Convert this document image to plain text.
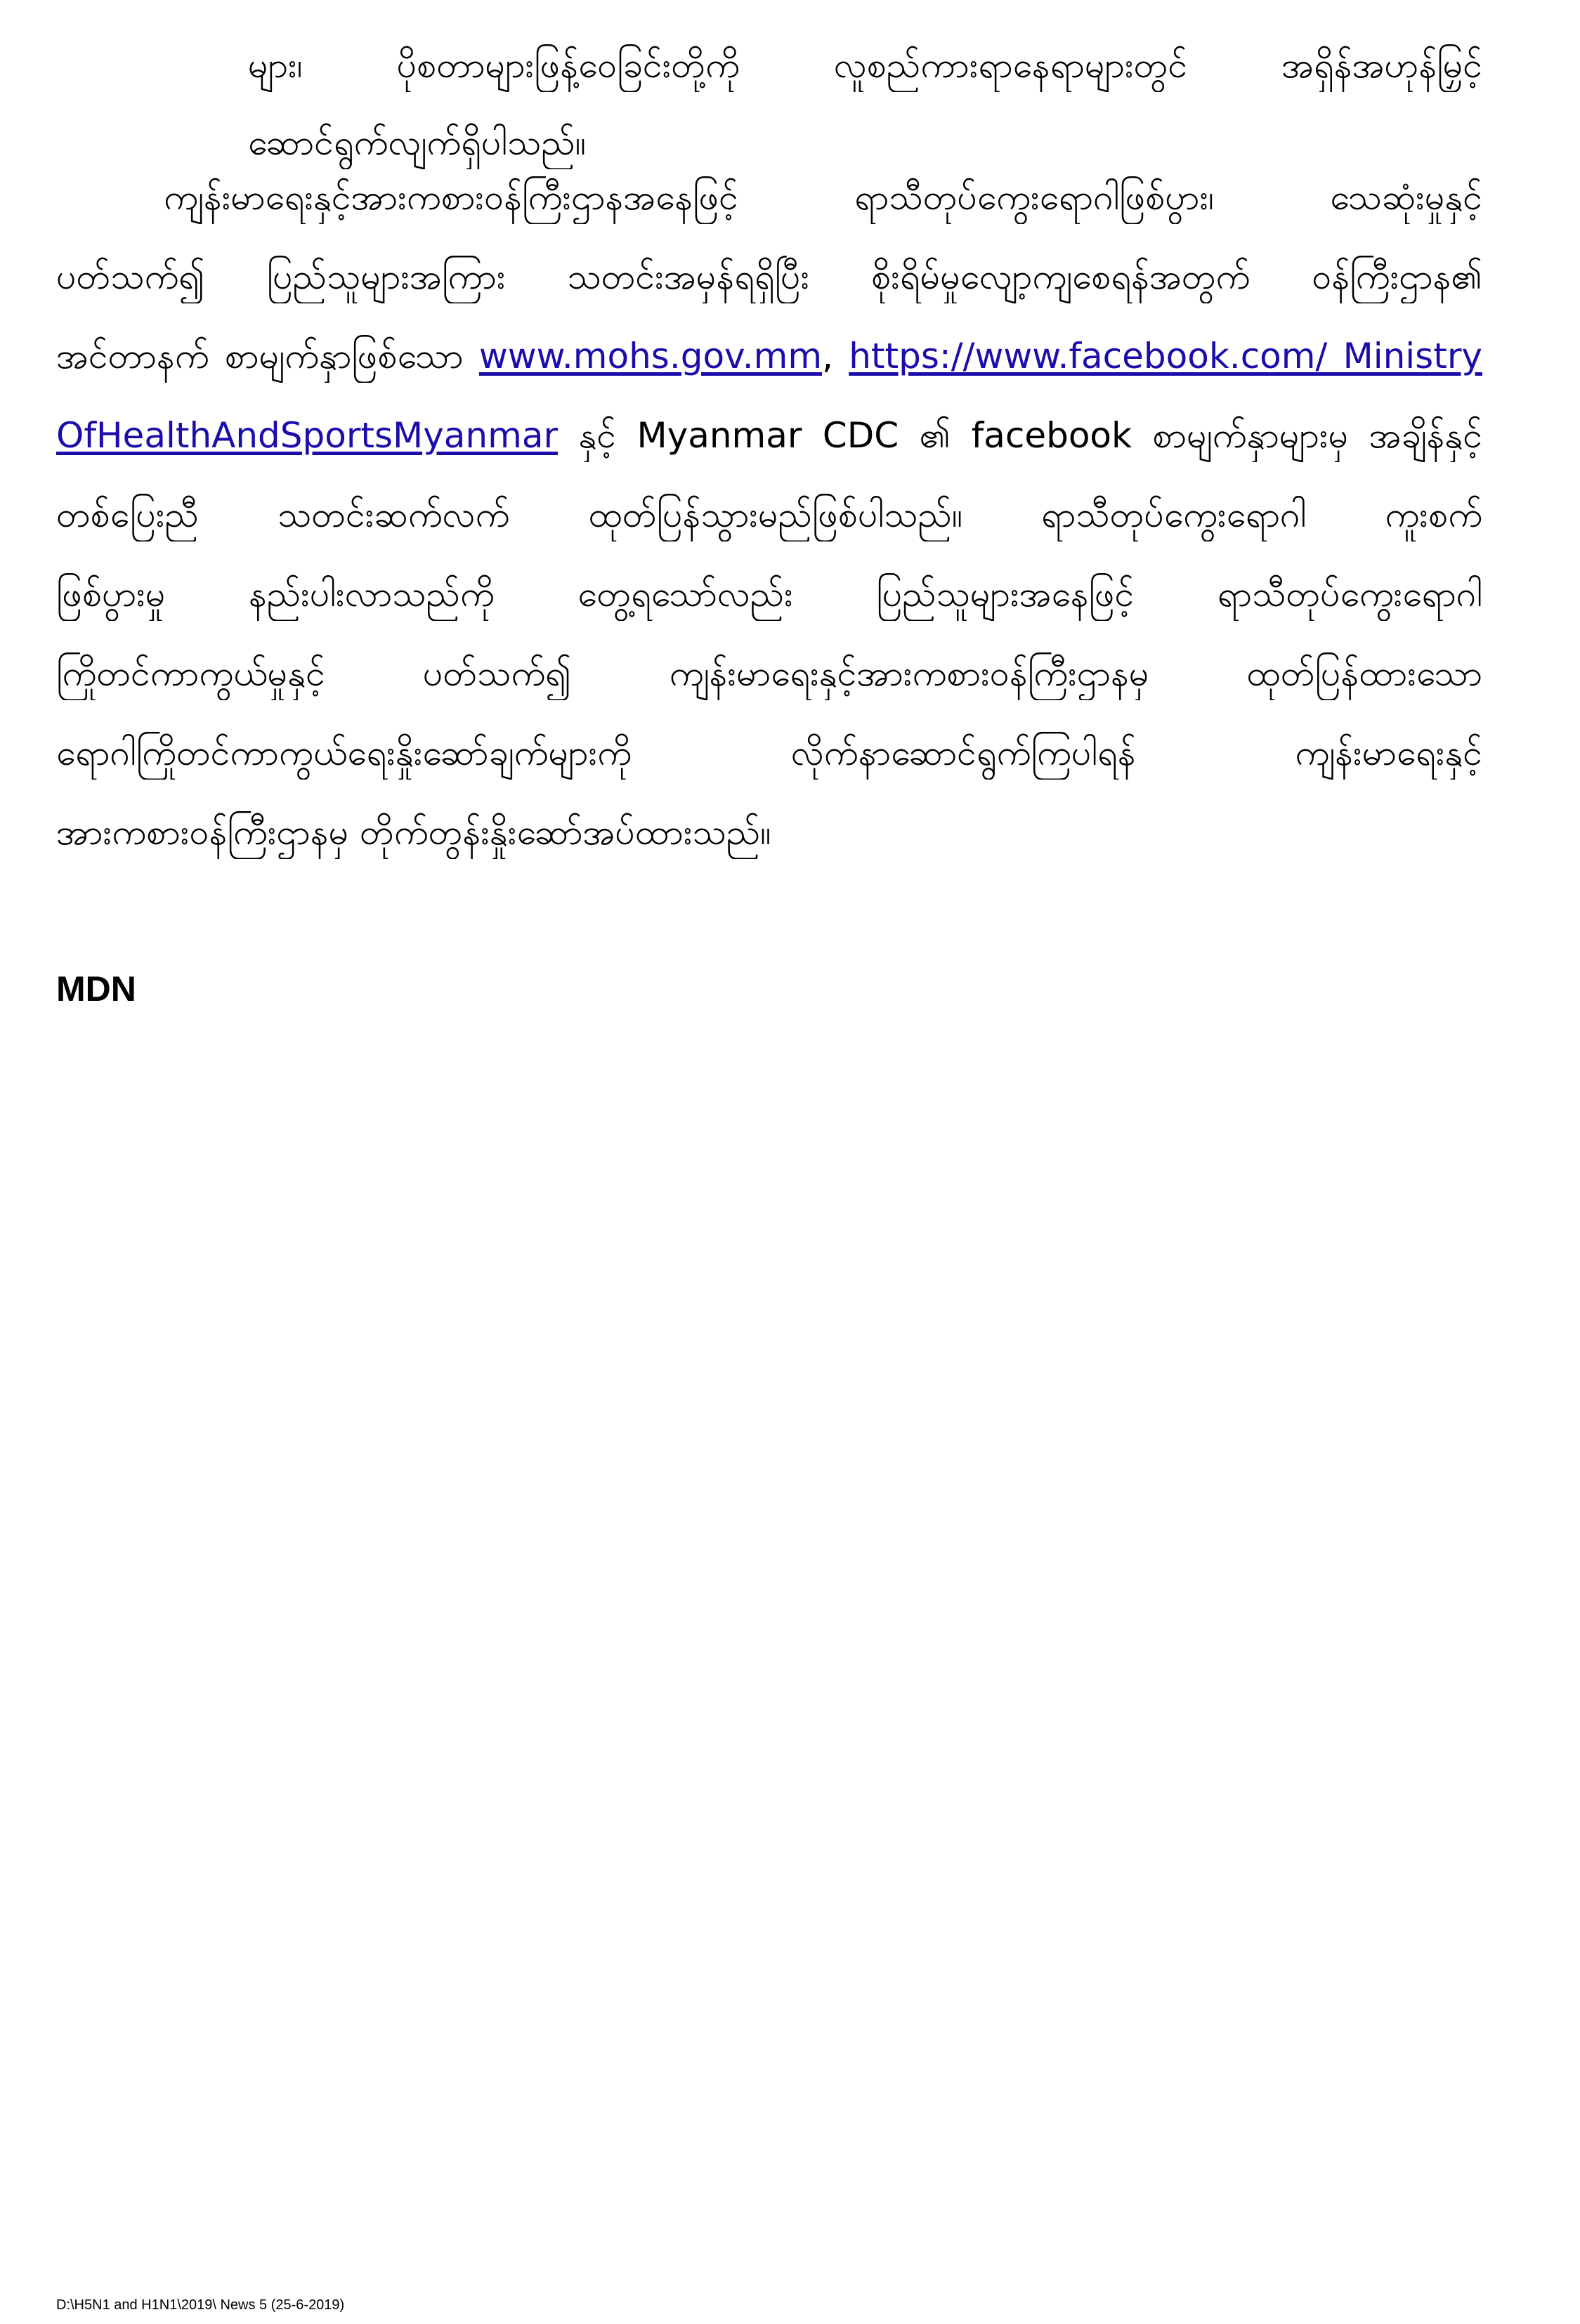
များ၊ ပိုစတာများဖြန့်ဝေခြင်းတို့ကို လူစည်ကားရာနေရာများတွင် အရှိန်အဟုန်မြှင့်
ဆောင်ရွက်လျက်ရှိပါသည်။
ကျန်းမာရေးနှင့်အားကစားဝန်ကြီးဌာနအနေဖြင့် ရာသီတုပ်ကွေးရောဂါဖြစ်ပွား၊ သေဆုံးမှုနှင့်
ပတ်သက်၍ ပြည်သူများအကြား သတင်းအမှန်ရရှိပြီး စိုးရိမ်မှုလျော့ကျစေရန်အတွက် ဝန်ကြီးဌာန၏
အင်တာနက် စာမျက်နှာဖြစ်သော www.mohs.gov.mm, https://www.facebook.com/ Ministry
OfHealthAndSportsMyanmar နှင့် Myanmar CDC ၏ facebook စာမျက်နှာများမှ အချိန်နှင့်
တစ်ပြေးညီ သတင်းဆက်လက် ထုတ်ပြန်သွားမည်ဖြစ်ပါသည်။ ရာသီတုပ်ကွေးရောဂါ ကူးစက်
ဖြစ်ပွားမှု နည်းပါးလာသည်ကို တွေ့ရသော်လည်း ပြည်သူများအနေဖြင့် ရာသီတုပ်ကွေးရောဂါ
ကြိုတင်ကာကွယ်မှုနှင့် ပတ်သက်၍ ကျန်းမာရေးနှင့်အားကစားဝန်ကြီးဌာနမှ ထုတ်ပြန်ထားသော
ရောဂါကြိုတင်ကာကွယ်ရေးနှိုးဆော်ချက်များကို လိုက်နာဆောင်ရွက်ကြပါရန် ကျန်းမာရေးနှင့်
အားကစားဝန်ကြီးဌာနမှ တိုက်တွန်းနှိုးဆော်အပ်ထားသည်။
MDN
D:\H5N1 and H1N1\2019\ News 5 (25-6-2019)
